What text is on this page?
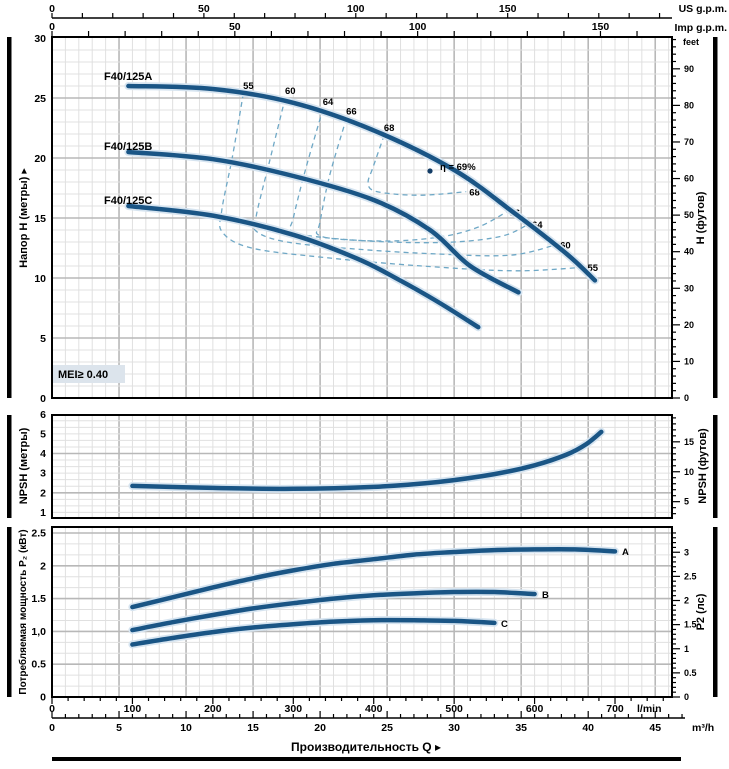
55
55
60
60
64
64
66
66
68
68
0	50	100	150
0	50	100	150
30
25
20
15
10
5
0
90
80
70
60
50
40
30
20
10
0
6
5
4
3
2
1
15
10
5
2.5
2
1.5
1,0
0.5
0
3
2.5
2
1.5
1
0.5
0
0	100	200	300	400	500	600	700
0	5	10	15	20	25	30	35	40	45
US g.p.m.
Imp g.p.m.
feet
Напор Н (метры) ▸	Н (футов)
NPSH (метры)	NPSH (футов)
Потребляемая мощность P₂ (кВт)	P2 (лс)
l/min
m³/h
Производительность Q ▸
F40/125A
F40/125B
F40/125C
A
B
C
MEI≥ 0.40
η = 69%
